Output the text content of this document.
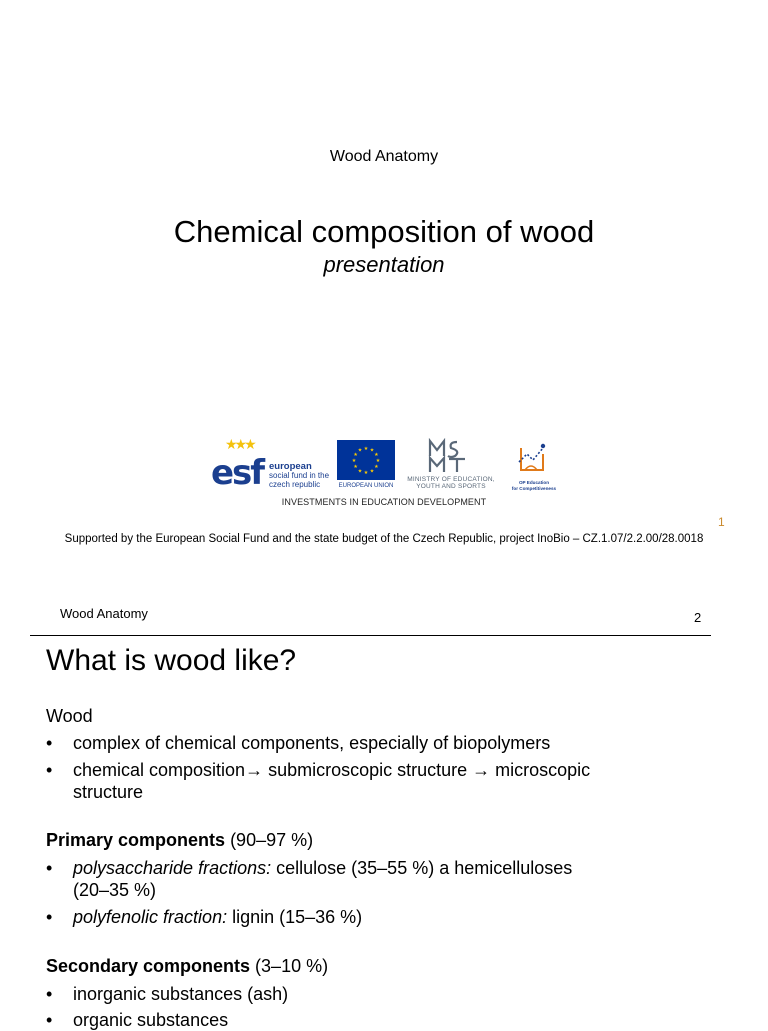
Wood Anatomy
Chemical composition of wood
presentation
★★★
esf european
social fund in the
czech republic
★
★
★
★
★
★
★
★
★ ★ ★
★
EUROPEAN UNION
MINISTRY OF EDUCATION,
YOUTH AND SPORTS
OP Education
for Competitiveness
INVESTMENTS IN EDUCATION DEVELOPMENT
1
Supported by the European Social Fund and the state budget of the Czech Republic, project InoBio – CZ.1.07/2.2.00/28.0018
Wood Anatomy	2
What is wood like?
Wood
• complex of chemical components, especially of biopolymers
• chemical composition→ submicroscopic structure → microscopic
structure
Primary components (90–97 %)
• polysaccharide fractions: cellulose (35–55 %) a hemicelluloses
(20–35 %)
• polyfenolic fraction: lignin (15–36 %)
Secondary components (3–10 %)
• inorganic substances (ash)
• organic substances
